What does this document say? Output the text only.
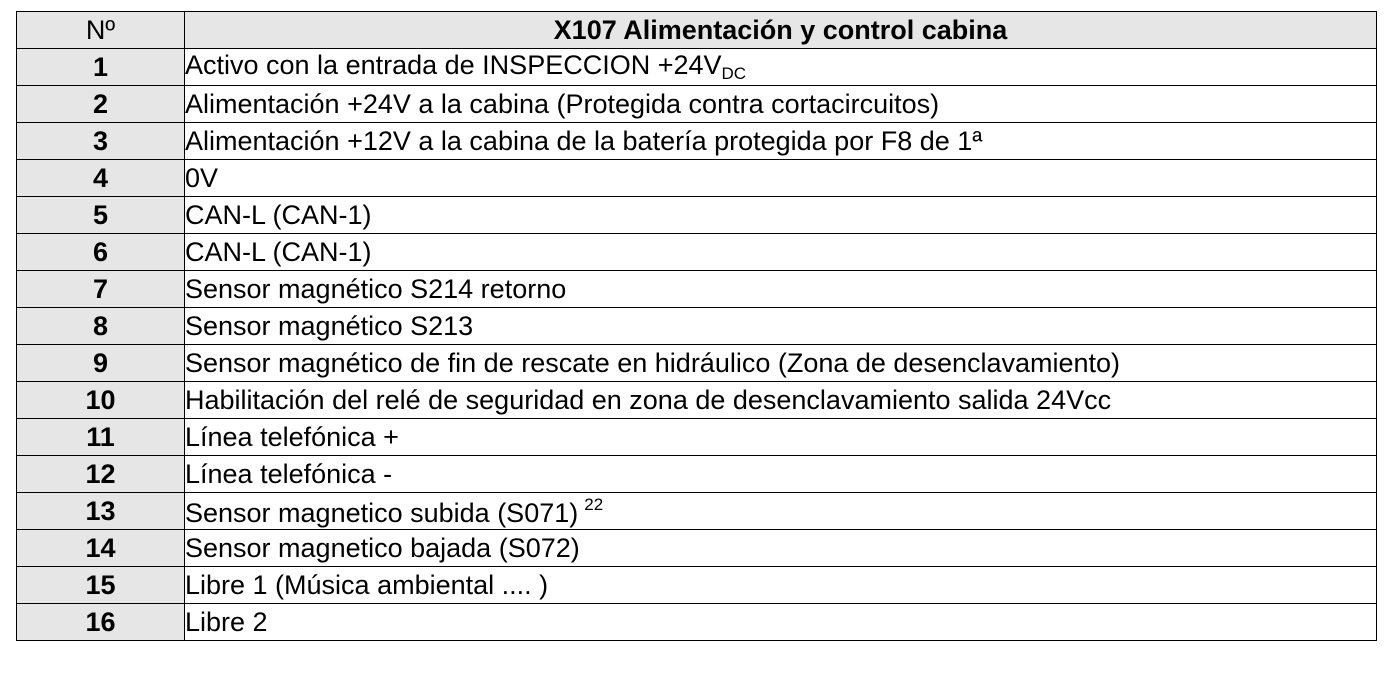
Nº	X107 Alimentación y control cabina
1	Activo con la entrada de INSPECCION +24VDC
2	Alimentación +24V a la cabina (Protegida contra cortacircuitos)
3	Alimentación +12V a la cabina de la batería protegida por F8 de 1ª
4	0V
5	CAN-L (CAN-1)
6	CAN-L (CAN-1)
7	Sensor magnético S214 retorno
8	Sensor magnético S213
9	Sensor magnético de fin de rescate en hidráulico (Zona de desenclavamiento)
10	Habilitación del relé de seguridad en zona de desenclavamiento salida 24Vcc
11	Línea telefónica +
12	Línea telefónica -
13	Sensor magnetico subida (S071) $^{22}$
14	Sensor magnetico bajada (S072)
15	Libre 1 (Música ambiental .... )
16	Libre 2
